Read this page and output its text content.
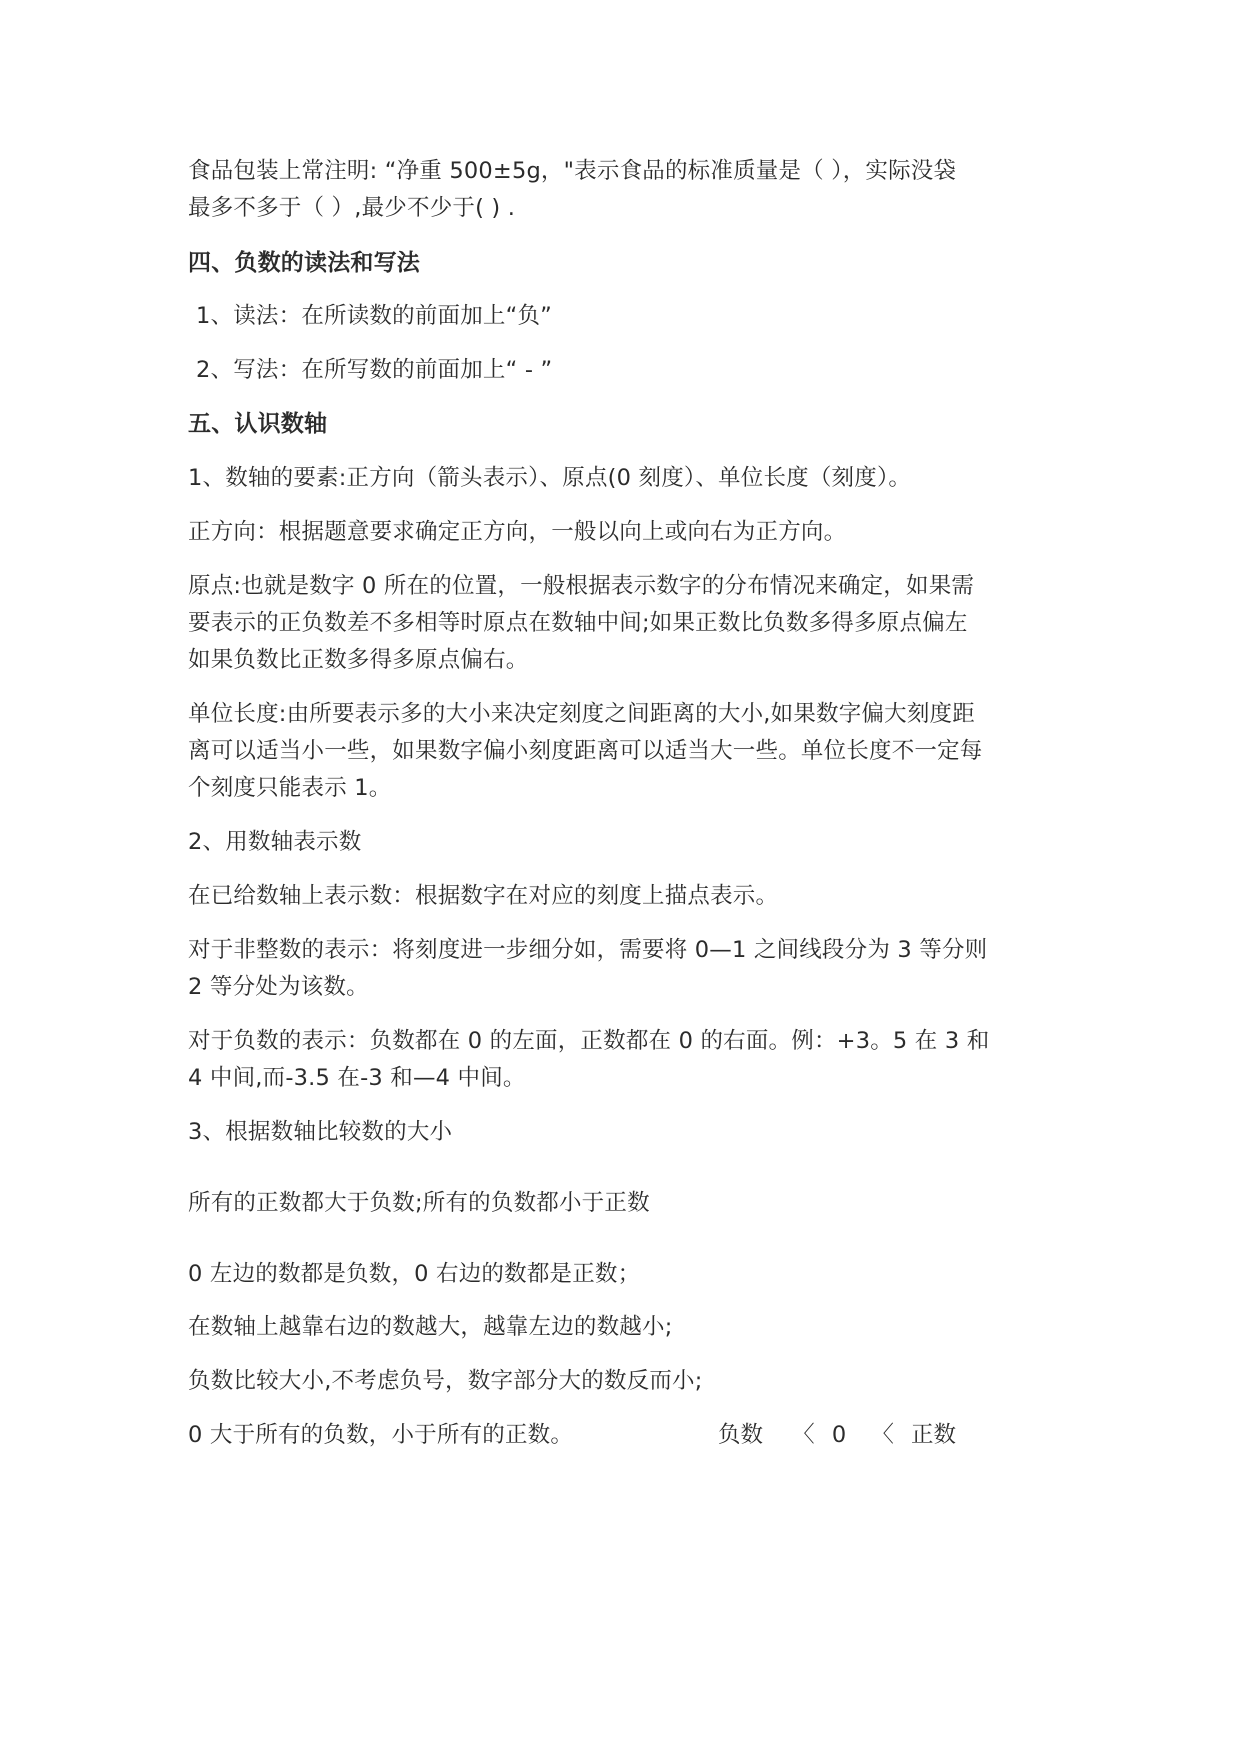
食品包装上常注明: “净重 500±5g，"表示食品的标准质量是（ ），实际没袋
最多不多于（ ）,最少不少于( ) .
四、负数的读法和写法
1、读法：在所读数的前面加上“负”
2、写法：在所写数的前面加上“ - ”
五、认识数轴
1、数轴的要素:正方向（箭头表示）、原点(0 刻度）、单位长度（刻度）。
正方向：根据题意要求确定正方向，一般以向上或向右为正方向。
原点:也就是数字 0 所在的位置，一般根据表示数字的分布情况来确定，如果需
要表示的正负数差不多相等时原点在数轴中间;如果正数比负数多得多原点偏左
如果负数比正数多得多原点偏右。
单位长度:由所要表示多的大小来决定刻度之间距离的大小,如果数字偏大刻度距
离可以适当小一些，如果数字偏小刻度距离可以适当大一些。单位长度不一定每
个刻度只能表示 1。
2、用数轴表示数
在已给数轴上表示数：根据数字在对应的刻度上描点表示。
对于非整数的表示：将刻度进一步细分如，需要将 0—1 之间线段分为 3 等分则
2 等分处为该数。
对于负数的表示：负数都在 0 的左面，正数都在 0 的右面。例：+3。5 在 3 和
4 中间,而-3.5 在-3 和—4 中间。
3、根据数轴比较数的大小
所有的正数都大于负数;所有的负数都小于正数
0 左边的数都是负数，0 右边的数都是正数；
在数轴上越靠右边的数越大，越靠左边的数越小;
负数比较大小,不考虑负号，数字部分大的数反而小;
0 大于所有的负数，小于所有的正数。	负数 〈 0 〈 正数
